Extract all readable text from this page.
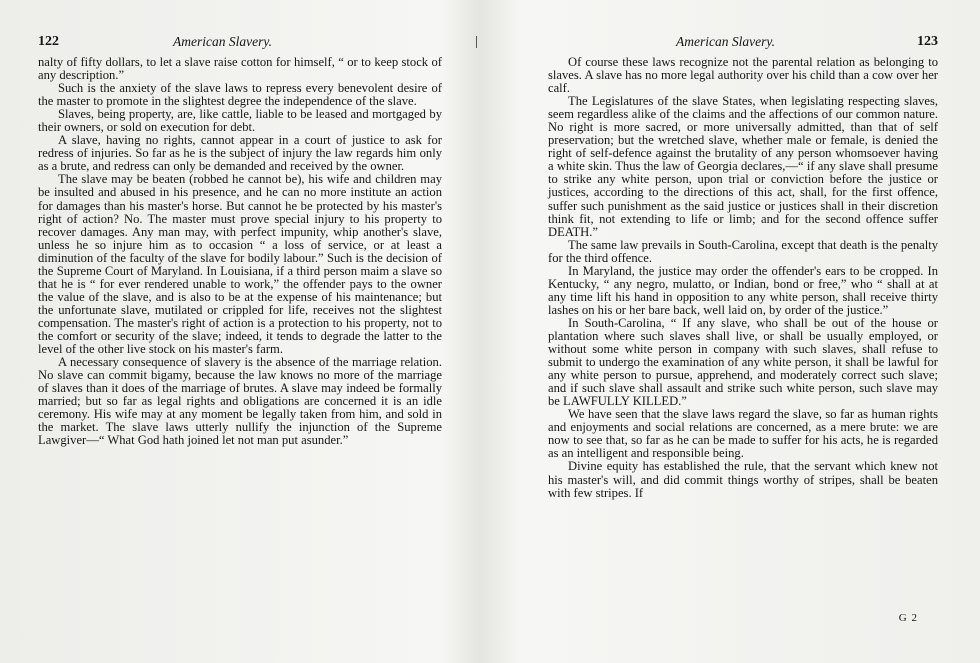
122	American Slavery.

nalty of fifty dollars, to let a slave raise cotton for himself, “ or to keep stock of any description.”

Such is the anxiety of the slave laws to repress every benevolent desire of the master to promote in the slightest degree the independence of the slave.

Slaves, being property, are, like cattle, liable to be leased and mortgaged by their owners, or sold on execution for debt.

A slave, having no rights, cannot appear in a court of justice to ask for redress of injuries. So far as he is the subject of injury the law regards him only as a brute, and redress can only be demanded and received by the owner.

The slave may be beaten (robbed he cannot be), his wife and children may be insulted and abused in his presence, and he can no more institute an action for damages than his master's horse. But cannot he be protected by his master's right of action? No. The master must prove special injury to his property to recover damages. Any man may, with perfect impunity, whip another's slave, unless he so injure him as to occasion “ a loss of service, or at least a diminution of the faculty of the slave for bodily labour.” Such is the decision of the Supreme Court of Maryland. In Louisiana, if a third person maim a slave so that he is “ for ever rendered unable to work,” the offender pays to the owner the value of the slave, and is also to be at the expense of his maintenance; but the unfortunate slave, mutilated or crippled for life, receives not the slightest compensation. The master's right of action is a protection to his property, not to the comfort or security of the slave; indeed, it tends to degrade the latter to the level of the other live stock on his master's farm.

A necessary consequence of slavery is the absence of the marriage relation. No slave can commit bigamy, because the law knows no more of the marriage of slaves than it does of the marriage of brutes. A slave may indeed be formally married; but so far as legal rights and obligations are concerned it is an idle ceremony. His wife may at any moment be legally taken from him, and sold in the market. The slave laws utterly nullify the injunction of the Supreme Lawgiver—“ What God hath joined let not man put asunder.”

American Slavery.	123

Of course these laws recognize not the parental relation as belonging to slaves. A slave has no more legal authority over his child than a cow over her calf.

The Legislatures of the slave States, when legislating respecting slaves, seem regardless alike of the claims and the affections of our common nature. No right is more sacred, or more universally admitted, than that of self preservation; but the wretched slave, whether male or female, is denied the right of self-defence against the brutality of any person whomsoever having a white skin. Thus the law of Georgia declares,—“ if any slave shall presume to strike any white person, upon trial or conviction before the justice or justices, according to the directions of this act, shall, for the first offence, suffer such punishment as the said justice or justices shall in their discretion think fit, not extending to life or limb; and for the second offence suffer DEATH.”

The same law prevails in South-Carolina, except that death is the penalty for the third offence.

In Maryland, the justice may order the offender's ears to be cropped. In Kentucky, “ any negro, mulatto, or Indian, bond or free,” who “ shall at at any time lift his hand in opposition to any white person, shall receive thirty lashes on his or her bare back, well laid on, by order of the justice.”

In South-Carolina, “ If any slave, who shall be out of the house or plantation where such slaves shall live, or shall be usually employed, or without some white person in company with such slaves, shall refuse to submit to undergo the examination of any white person, it shall be lawful for any white person to pursue, apprehend, and moderately correct such slave; and if such slave shall assault and strike such white person, such slave may be LAWFULLY KILLED.”

We have seen that the slave laws regard the slave, so far as human rights and enjoyments and social relations are concerned, as a mere brute: we are now to see that, so far as he can be made to suffer for his acts, he is regarded as an intelligent and responsible being.

Divine equity has established the rule, that the servant which knew not his master's will, and did commit things worthy of stripes, shall be beaten with few stripes. If

G 2
